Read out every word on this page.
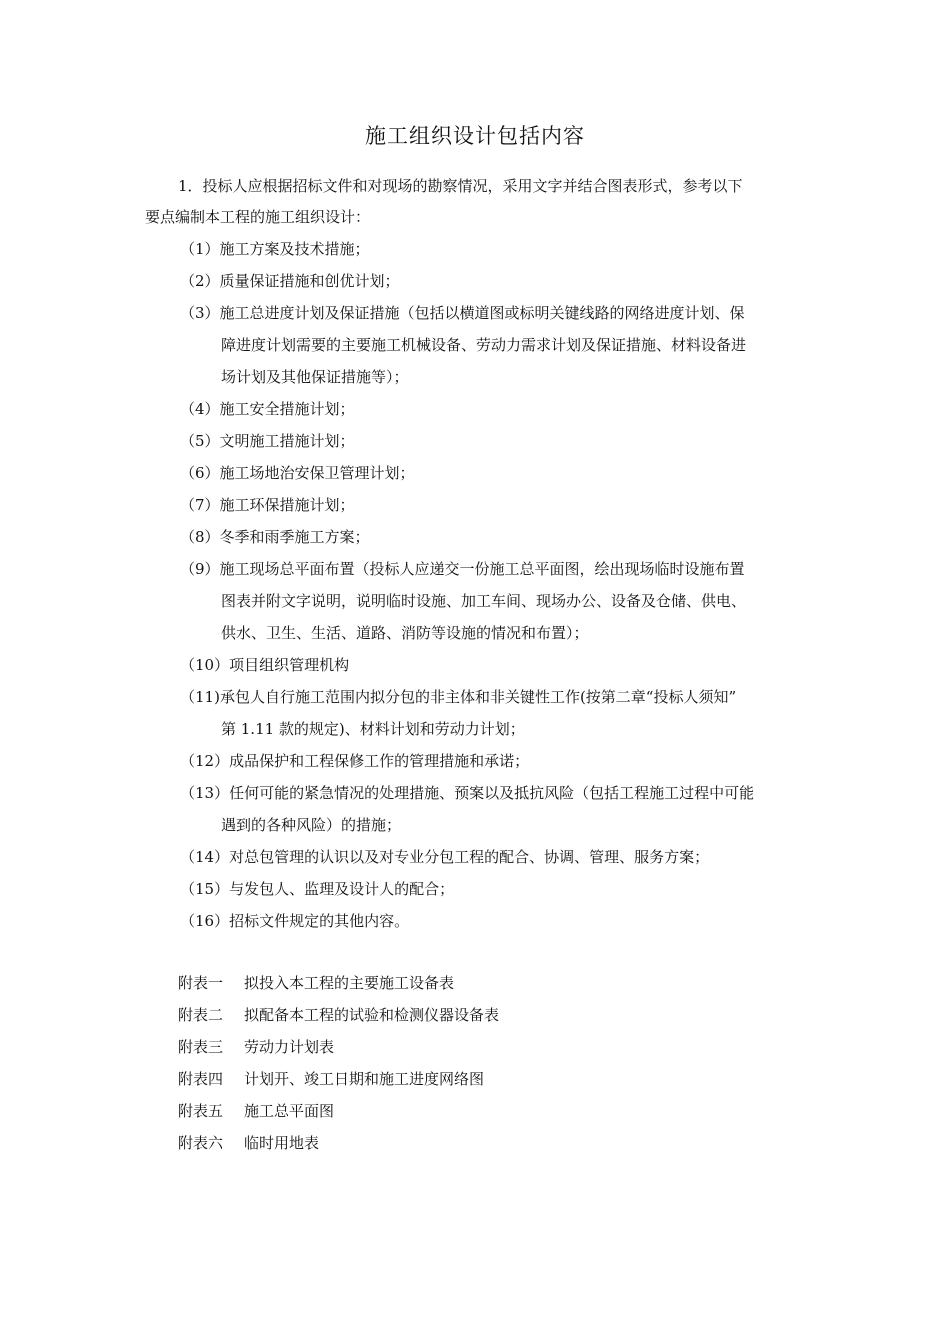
施工组织设计包括内容
1．投标人应根据招标文件和对现场的勘察情况，采用文字并结合图表形式，参考以下
要点编制本工程的施工组织设计：
（1）施工方案及技术措施；
（2）质量保证措施和创优计划；
（3）施工总进度计划及保证措施（包括以横道图或标明关键线路的网络进度计划、保
障进度计划需要的主要施工机械设备、劳动力需求计划及保证措施、材料设备进
场计划及其他保证措施等）；
（4）施工安全措施计划；
（5）文明施工措施计划；
（6）施工场地治安保卫管理计划；
（7）施工环保措施计划；
（8）冬季和雨季施工方案；
（9）施工现场总平面布置（投标人应递交一份施工总平面图，绘出现场临时设施布置
图表并附文字说明，说明临时设施、加工车间、现场办公、设备及仓储、供电、
供水、卫生、生活、道路、消防等设施的情况和布置）；
（10）项目组织管理机构
（11)承包人自行施工范围内拟分包的非主体和非关键性工作(按第二章“投标人须知”
第 1.11 款的规定)、材料计划和劳动力计划；
（12）成品保护和工程保修工作的管理措施和承诺；
（13）任何可能的紧急情况的处理措施、预案以及抵抗风险（包括工程施工过程中可能
遇到的各种风险）的措施；
（14）对总包管理的认识以及对专业分包工程的配合、协调、管理、服务方案；
（15）与发包人、监理及设计人的配合；
（16）招标文件规定的其他内容。
附表一 拟投入本工程的主要施工设备表
附表二 拟配备本工程的试验和检测仪器设备表
附表三 劳动力计划表
附表四 计划开、竣工日期和施工进度网络图
附表五 施工总平面图
附表六 临时用地表
